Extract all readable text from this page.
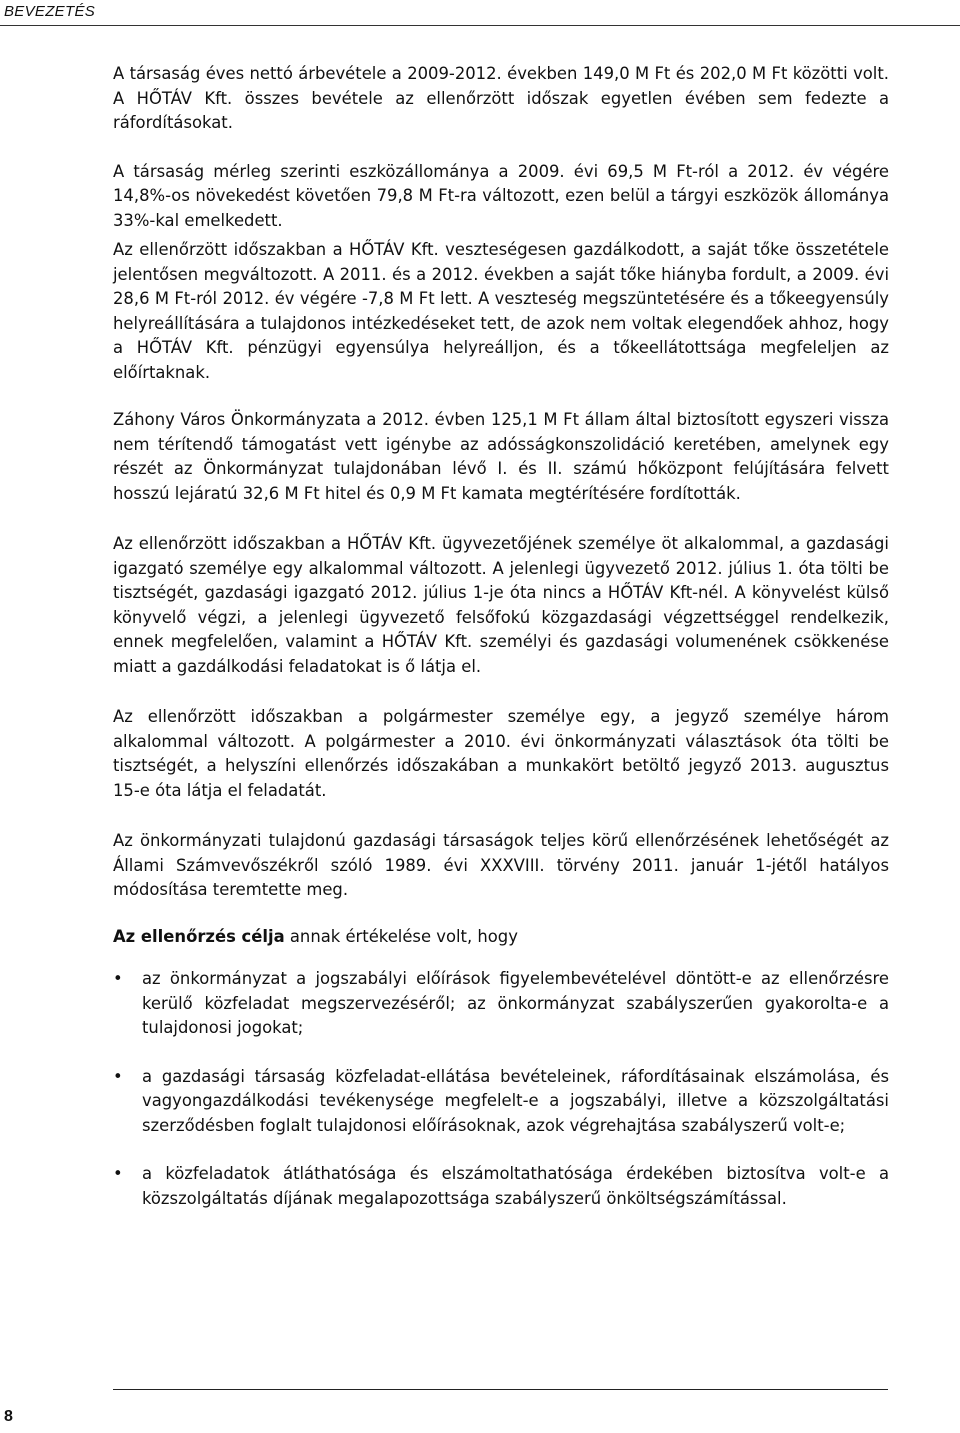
BEVEZETÉS

A társaság éves nettó árbevétele a 2009-2012. években 149,0 M Ft és 202,0 M Ft közötti volt. A HŐTÁV Kft. összes bevétele az ellenőrzött időszak egyetlen évében sem fedezte a ráfordításokat.

A társaság mérleg szerinti eszközállománya a 2009. évi 69,5 M Ft-ról a 2012. év végére 14,8%-os növekedést követően 79,8 M Ft-ra változott, ezen belül a tárgyi eszközök állománya 33%-kal emelkedett.

Az ellenőrzött időszakban a HŐTÁV Kft. veszteségesen gazdálkodott, a saját tőke összetétele jelentősen megváltozott. A 2011. és a 2012. években a saját tőke hiányba fordult, a 2009. évi 28,6 M Ft-ról 2012. év végére -7,8 M Ft lett. A veszteség megszüntetésére és a tőkeegyensúly helyreállítására a tulajdonos intézkedéseket tett, de azok nem voltak elegendőek ahhoz, hogy a HŐTÁV Kft. pénzügyi egyensúlya helyreálljon, és a tőkeellátottsága megfeleljen az előírtaknak.

Záhony Város Önkormányzata a 2012. évben 125,1 M Ft állam által biztosított egyszeri vissza nem térítendő támogatást vett igénybe az adósságkonszolidáció keretében, amelynek egy részét az Önkormányzat tulajdonában lévő I. és II. számú hőközpont felújítására felvett hosszú lejáratú 32,6 M Ft hitel és 0,9 M Ft kamata megtérítésére fordították.

Az ellenőrzött időszakban a HŐTÁV Kft. ügyvezetőjének személye öt alkalommal, a gazdasági igazgató személye egy alkalommal változott. A jelenlegi ügyvezető 2012. július 1. óta tölti be tisztségét, gazdasági igazgató 2012. július 1-je óta nincs a HŐTÁV Kft-nél. A könyvelést külső könyvelő végzi, a jelenlegi ügyvezető felsőfokú közgazdasági végzettséggel rendelkezik, ennek megfelelően, valamint a HŐTÁV Kft. személyi és gazdasági volumenének csökkenése miatt a gazdálkodási feladatokat is ő látja el.

Az ellenőrzött időszakban a polgármester személye egy, a jegyző személye három alkalommal változott. A polgármester a 2010. évi önkormányzati választások óta tölti be tisztségét, a helyszíni ellenőrzés időszakában a munkakört betöltő jegyző 2013. augusztus 15-e óta látja el feladatát.

Az önkormányzati tulajdonú gazdasági társaságok teljes körű ellenőrzésének lehetőségét az Állami Számvevőszékről szóló 1989. évi XXXVIII. törvény 2011. január 1-jétől hatályos módosítása teremtette meg.

Az ellenőrzés célja annak értékelése volt, hogy

• az önkormányzat a jogszabályi előírások figyelembevételével döntött-e az ellenőrzésre kerülő közfeladat megszervezéséről; az önkormányzat szabályszerűen gyakorolta-e a tulajdonosi jogokat;
• a gazdasági társaság közfeladat-ellátása bevételeinek, ráfordításainak elszámolása, és vagyongazdálkodási tevékenysége megfelelt-e a jogszabályi, illetve a közszolgáltatási szerződésben foglalt tulajdonosi előírásoknak, azok végrehajtása szabályszerű volt-e;
• a közfeladatok átláthatósága és elszámoltathatósága érdekében biztosítva volt-e a közszolgáltatás díjának megalapozottsága szabályszerű önköltségszámítással.
8
